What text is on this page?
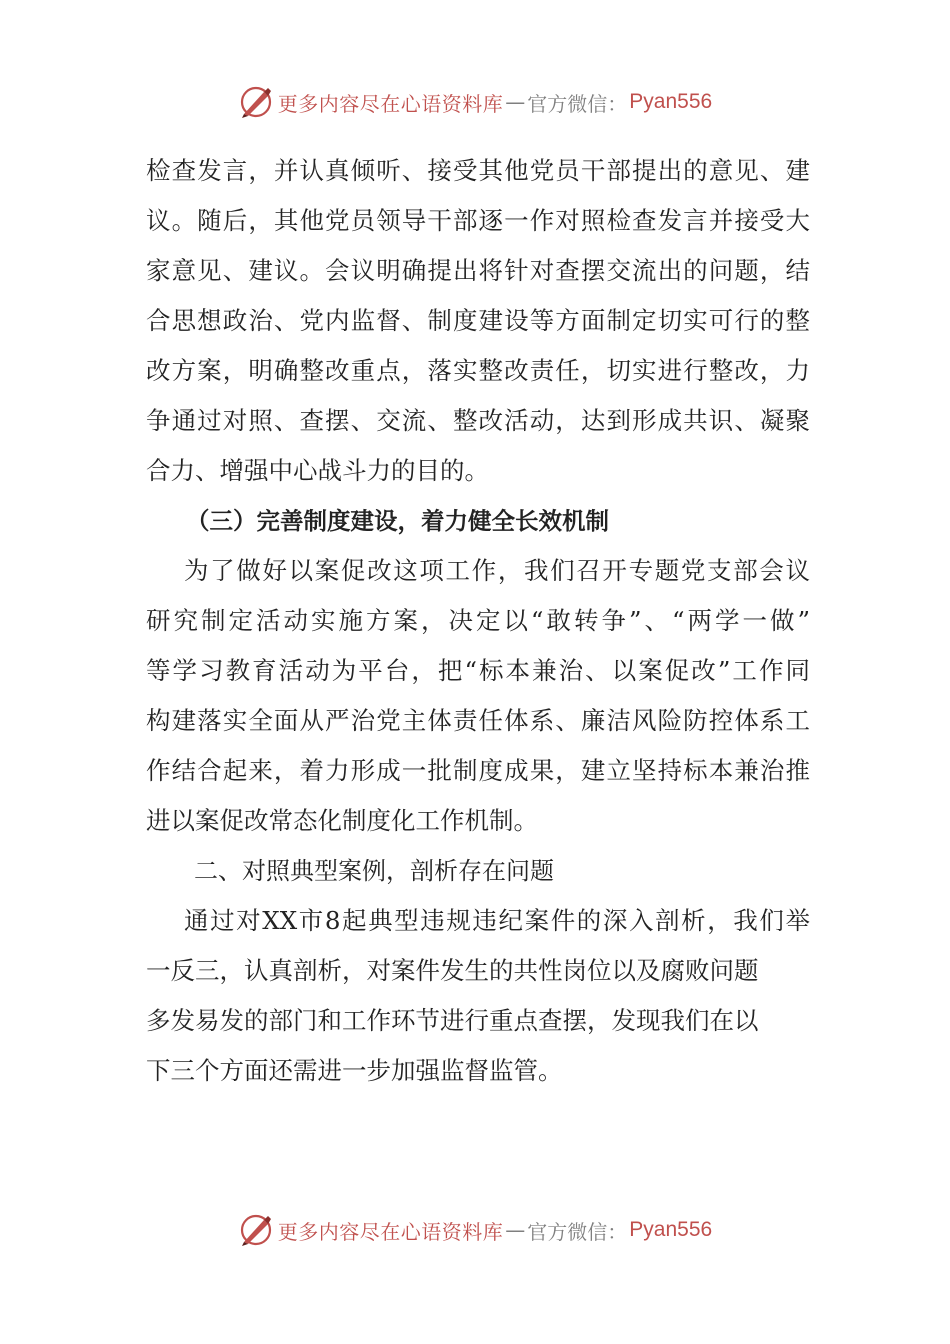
更多内容尽在心语资料库 — 官方微信： Pyan556
检查发言，并认真倾听、接受其他党员干部提出的意见、建
议。随后，其他党员领导干部逐一作对照检查发言并接受大
家意见、建议。会议明确提出将针对查摆交流出的问题，结
合思想政治、党内监督、制度建设等方面制定切实可行的整
改方案，明确整改重点，落实整改责任，切实进行整改，力
争通过对照、查摆、交流、整改活动，达到形成共识、凝聚
合力、增强中心战斗力的目的。
（三）完善制度建设，着力健全长效机制
为了做好以案促改这项工作，我们召开专题党支部会议
研究制定活动实施方案，决定以“敢转争”、“两学一做”
等学习教育活动为平台，把“标本兼治、以案促改”工作同
构建落实全面从严治党主体责任体系、廉洁风险防控体系工
作结合起来，着力形成一批制度成果，建立坚持标本兼治推
进以案促改常态化制度化工作机制。
二、对照典型案例，剖析存在问题
通过对XX市8起典型违规违纪案件的深入剖析，我们举
一反三，认真剖析，对案件发生的共性岗位以及腐败问题
多发易发的部门和工作环节进行重点查摆，发现我们在以
下三个方面还需进一步加强监督监管。
更多内容尽在心语资料库 — 官方微信： Pyan556
